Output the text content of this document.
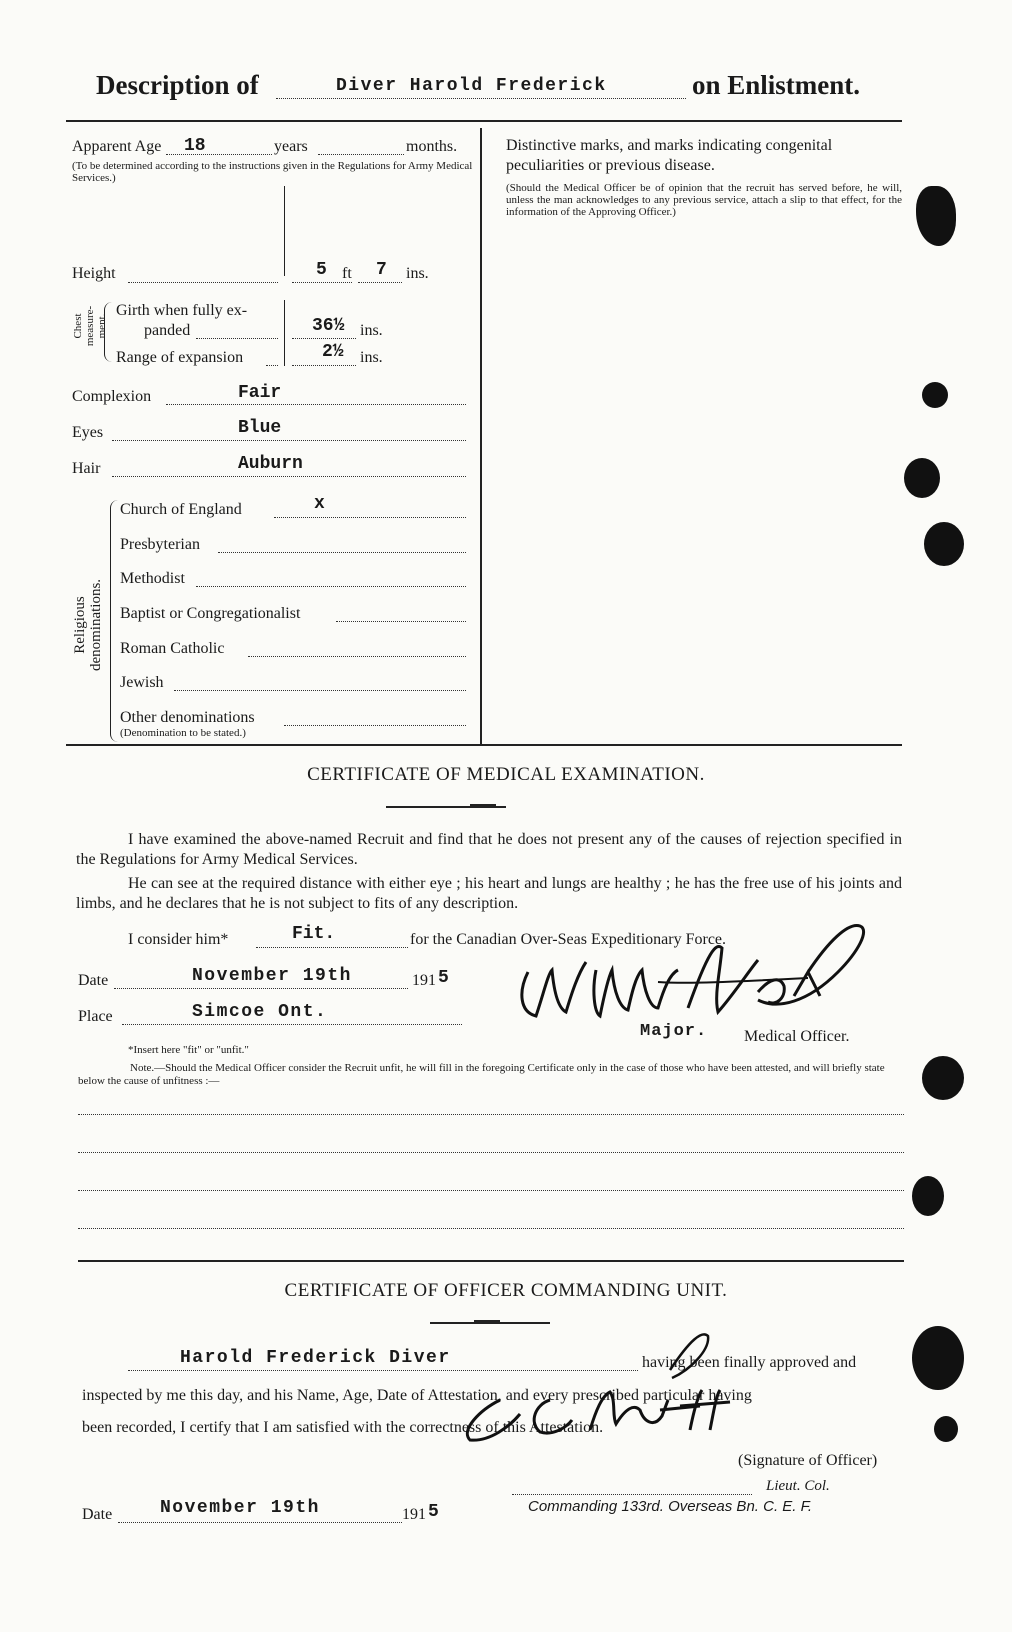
Description of	Diver Harold Frederick	on Enlistment.
Apparent Age 18	years	months.
(To be determined according to the instructions given in the Regulations for Army Medical Services.)
Height	5 ft 7 ins.
Chest measure-ment.
Girth when fully ex-
panded	36½ ins.
Range of expansion	2½ ins.
Complexion	Fair
Eyes	Blue
Hair	Auburn
Religious denominations.
Church of England	x
Presbyterian
Methodist
Baptist or Congregationalist
Roman Catholic
Jewish
Other denominations
(Denomination to be stated.)
Distinctive marks, and marks indicating congenital peculiarities or previous disease.
(Should the Medical Officer be of opinion that the recruit has served before, he will, unless the man acknowledges to any previous service, attach a slip to that effect, for the information of the Approving Officer.)
CERTIFICATE OF MEDICAL EXAMINATION.
I have examined the above-named Recruit and find that he does not present any of the causes of rejection specified in the Regulations for Army Medical Services.
He can see at the required distance with either eye ; his heart and lungs are healthy ; he has the free use of his joints and limbs, and he declares that he is not subject to fits of any description.
I consider him*	Fit.	for the Canadian Over-Seas Expeditionary Force.
Date	November 19th	191 5
Place	Simcoe Ont.
Major. Medical Officer.
*Insert here "fit" or "unfit."
Note.—Should the Medical Officer consider the Recruit unfit, he will fill in the foregoing Certificate only in the case of those who have been attested, and will briefly state below the cause of unfitness :—
CERTIFICATE OF OFFICER COMMANDING UNIT.
Harold Frederick Diver	having been finally approved and
inspected by me this day, and his Name, Age, Date of Attestation, and every prescribed particular having
been recorded, I certify that I am satisfied with the correctness of this Attestation.
(Signature of Officer)
Lieut. Col.
Commanding 133rd. Overseas Bn. C. E. F.
Date	November 19th	191 5
